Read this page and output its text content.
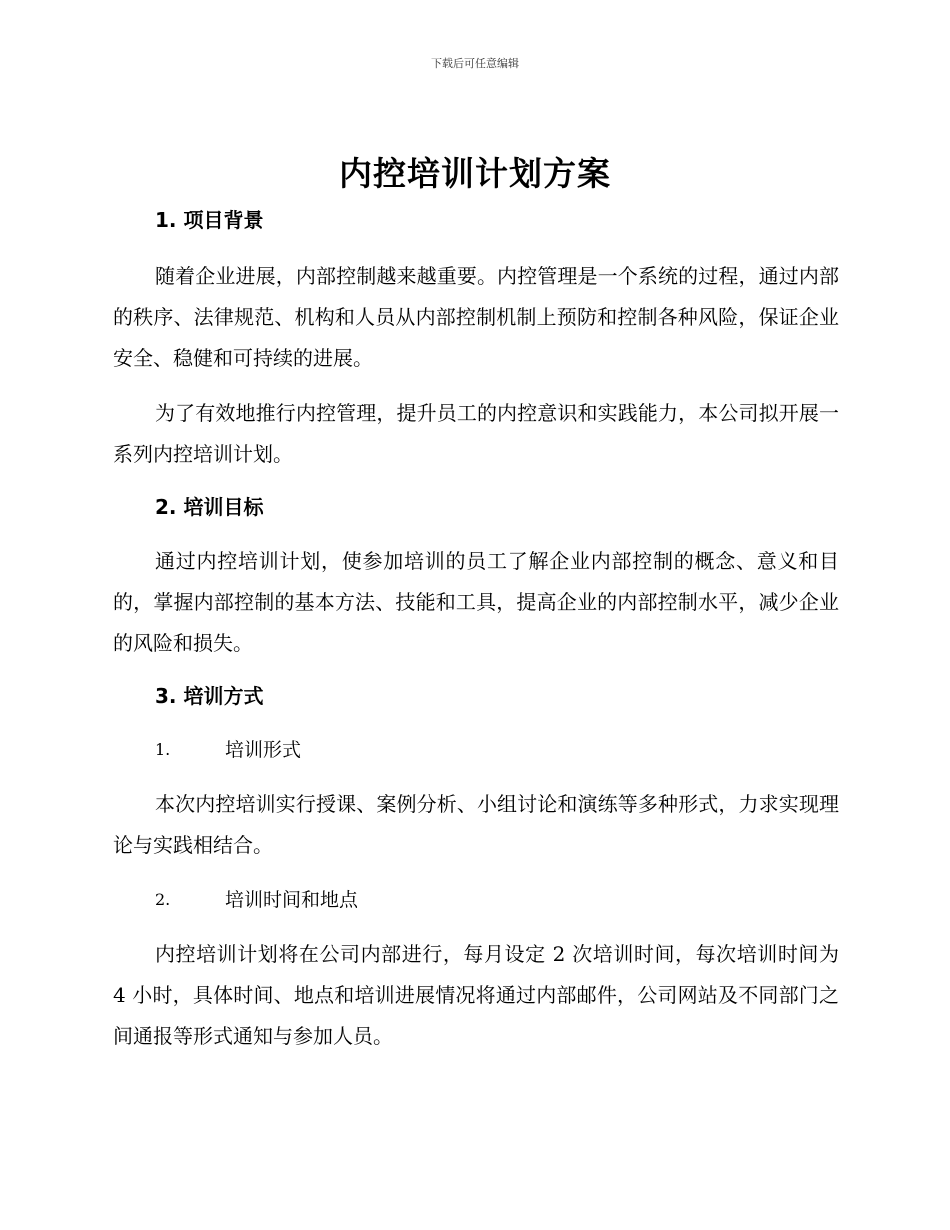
下载后可任意编辑
内控培训计划方案

1. 项目背景

随着企业进展，内部控制越来越重要。内控管理是一个系统的过程，通过内部的秩序、法律规范、机构和人员从内部控制机制上预防和控制各种风险，保证企业安全、稳健和可持续的进展。

为了有效地推行内控管理，提升员工的内控意识和实践能力，本公司拟开展一系列内控培训计划。

2. 培训目标

通过内控培训计划，使参加培训的员工了解企业内部控制的概念、意义和目的，掌握内部控制的基本方法、技能和工具，提高企业的内部控制水平，减少企业的风险和损失。

3. 培训方式

1.	培训形式

本次内控培训实行授课、案例分析、小组讨论和演练等多种形式，力求实现理论与实践相结合。

2.	培训时间和地点

内控培训计划将在公司内部进行，每月设定 2 次培训时间，每次培训时间为 4 小时，具体时间、地点和培训进展情况将通过内部邮件，公司网站及不同部门之间通报等形式通知与参加人员。
